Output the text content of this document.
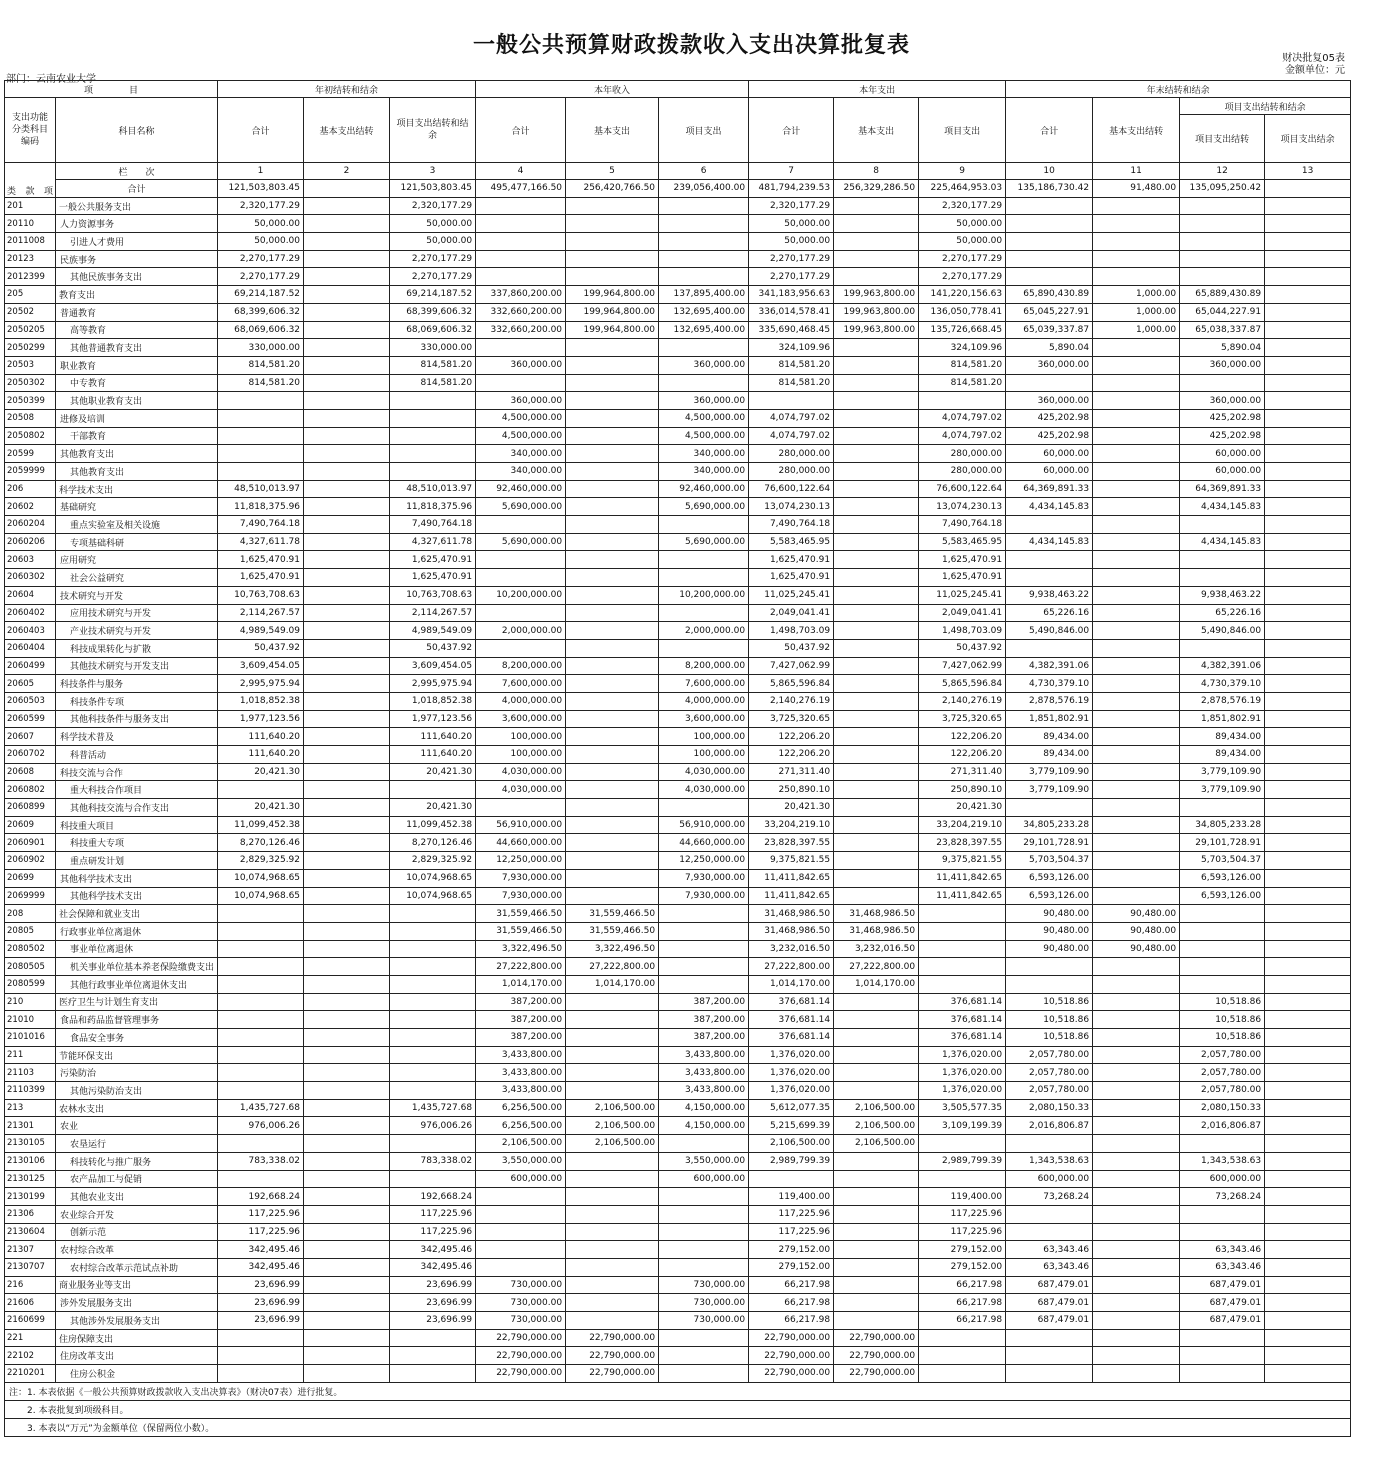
一般公共预算财政拨款收入支出决算批复表
财决批复05表
金额单位：元
部门：云南农业大学
项　　　　目		年初结转和结余			本年收入			本年支出			年末结转和结余			
支出功能分类科目编码	科目名称	合计	基本支出结转	项目支出结转和结余	合计	基本支出	项目支出	合计	基本支出	项目支出	合计	基本支出结转	项目支出结转和结余	
													项目支出结转	项目支出结余

类 款 项	栏　　次	1	2	3	4	5	6	7	8	9	10	11	12	13
	合计	121,503,803.45		121,503,803.45	495,477,166.50	256,420,766.50	239,056,400.00	481,794,239.53	256,329,286.50	225,464,953.03	135,186,730.42	91,480.00	135,095,250.42	
201	一般公共服务支出	2,320,177.29		2,320,177.29				2,320,177.29		2,320,177.29				
20110	人力资源事务	50,000.00		50,000.00				50,000.00		50,000.00				
2011008	引进人才费用	50,000.00		50,000.00				50,000.00		50,000.00				
20123	民族事务	2,270,177.29		2,270,177.29				2,270,177.29		2,270,177.29				
2012399	其他民族事务支出	2,270,177.29		2,270,177.29				2,270,177.29		2,270,177.29				
205	教育支出	69,214,187.52		69,214,187.52	337,860,200.00	199,964,800.00	137,895,400.00	341,183,956.63	199,963,800.00	141,220,156.63	65,890,430.89	1,000.00	65,889,430.89	
20502	普通教育	68,399,606.32		68,399,606.32	332,660,200.00	199,964,800.00	132,695,400.00	336,014,578.41	199,963,800.00	136,050,778.41	65,045,227.91	1,000.00	65,044,227.91	
2050205	高等教育	68,069,606.32		68,069,606.32	332,660,200.00	199,964,800.00	132,695,400.00	335,690,468.45	199,963,800.00	135,726,668.45	65,039,337.87	1,000.00	65,038,337.87	
2050299	其他普通教育支出	330,000.00		330,000.00				324,109.96		324,109.96	5,890.04		5,890.04	
20503	职业教育	814,581.20		814,581.20	360,000.00		360,000.00	814,581.20		814,581.20	360,000.00		360,000.00	
2050302	中专教育	814,581.20		814,581.20				814,581.20		814,581.20				
2050399	其他职业教育支出				360,000.00		360,000.00				360,000.00		360,000.00	
20508	进修及培训				4,500,000.00		4,500,000.00	4,074,797.02		4,074,797.02	425,202.98		425,202.98	
2050802	干部教育				4,500,000.00		4,500,000.00	4,074,797.02		4,074,797.02	425,202.98		425,202.98	
20599	其他教育支出				340,000.00		340,000.00	280,000.00		280,000.00	60,000.00		60,000.00	
2059999	其他教育支出				340,000.00		340,000.00	280,000.00		280,000.00	60,000.00		60,000.00	
206	科学技术支出	48,510,013.97		48,510,013.97	92,460,000.00		92,460,000.00	76,600,122.64		76,600,122.64	64,369,891.33		64,369,891.33	
20602	基础研究	11,818,375.96		11,818,375.96	5,690,000.00		5,690,000.00	13,074,230.13		13,074,230.13	4,434,145.83		4,434,145.83	
2060204	重点实验室及相关设施	7,490,764.18		7,490,764.18				7,490,764.18		7,490,764.18				
2060206	专项基础科研	4,327,611.78		4,327,611.78	5,690,000.00		5,690,000.00	5,583,465.95		5,583,465.95	4,434,145.83		4,434,145.83	
20603	应用研究	1,625,470.91		1,625,470.91				1,625,470.91		1,625,470.91				
2060302	社会公益研究	1,625,470.91		1,625,470.91				1,625,470.91		1,625,470.91				
20604	技术研究与开发	10,763,708.63		10,763,708.63	10,200,000.00		10,200,000.00	11,025,245.41		11,025,245.41	9,938,463.22		9,938,463.22	
2060402	应用技术研究与开发	2,114,267.57		2,114,267.57				2,049,041.41		2,049,041.41	65,226.16		65,226.16	
2060403	产业技术研究与开发	4,989,549.09		4,989,549.09	2,000,000.00		2,000,000.00	1,498,703.09		1,498,703.09	5,490,846.00		5,490,846.00	
2060404	科技成果转化与扩散	50,437.92		50,437.92				50,437.92		50,437.92				
2060499	其他技术研究与开发支出	3,609,454.05		3,609,454.05	8,200,000.00		8,200,000.00	7,427,062.99		7,427,062.99	4,382,391.06		4,382,391.06	
20605	科技条件与服务	2,995,975.94		2,995,975.94	7,600,000.00		7,600,000.00	5,865,596.84		5,865,596.84	4,730,379.10		4,730,379.10	
2060503	科技条件专项	1,018,852.38		1,018,852.38	4,000,000.00		4,000,000.00	2,140,276.19		2,140,276.19	2,878,576.19		2,878,576.19	
2060599	其他科技条件与服务支出	1,977,123.56		1,977,123.56	3,600,000.00		3,600,000.00	3,725,320.65		3,725,320.65	1,851,802.91		1,851,802.91	
20607	科学技术普及	111,640.20		111,640.20	100,000.00		100,000.00	122,206.20		122,206.20	89,434.00		89,434.00	
2060702	科普活动	111,640.20		111,640.20	100,000.00		100,000.00	122,206.20		122,206.20	89,434.00		89,434.00	
20608	科技交流与合作	20,421.30		20,421.30	4,030,000.00		4,030,000.00	271,311.40		271,311.40	3,779,109.90		3,779,109.90	
2060802	重大科技合作项目				4,030,000.00		4,030,000.00	250,890.10		250,890.10	3,779,109.90		3,779,109.90	
2060899	其他科技交流与合作支出	20,421.30		20,421.30				20,421.30		20,421.30				
20609	科技重大项目	11,099,452.38		11,099,452.38	56,910,000.00		56,910,000.00	33,204,219.10		33,204,219.10	34,805,233.28		34,805,233.28	
2060901	科技重大专项	8,270,126.46		8,270,126.46	44,660,000.00		44,660,000.00	23,828,397.55		23,828,397.55	29,101,728.91		29,101,728.91	
2060902	重点研发计划	2,829,325.92		2,829,325.92	12,250,000.00		12,250,000.00	9,375,821.55		9,375,821.55	5,703,504.37		5,703,504.37	
20699	其他科学技术支出	10,074,968.65		10,074,968.65	7,930,000.00		7,930,000.00	11,411,842.65		11,411,842.65	6,593,126.00		6,593,126.00	
2069999	其他科学技术支出	10,074,968.65		10,074,968.65	7,930,000.00		7,930,000.00	11,411,842.65		11,411,842.65	6,593,126.00		6,593,126.00	
208	社会保障和就业支出				31,559,466.50	31,559,466.50		31,468,986.50	31,468,986.50		90,480.00	90,480.00		
20805	行政事业单位离退休				31,559,466.50	31,559,466.50		31,468,986.50	31,468,986.50		90,480.00	90,480.00		
2080502	事业单位离退休				3,322,496.50	3,322,496.50		3,232,016.50	3,232,016.50		90,480.00	90,480.00		
2080505	机关事业单位基本养老保险缴费支出				27,222,800.00	27,222,800.00		27,222,800.00	27,222,800.00					
2080599	其他行政事业单位离退休支出				1,014,170.00	1,014,170.00		1,014,170.00	1,014,170.00					
210	医疗卫生与计划生育支出				387,200.00		387,200.00	376,681.14		376,681.14	10,518.86		10,518.86	
21010	食品和药品监督管理事务				387,200.00		387,200.00	376,681.14		376,681.14	10,518.86		10,518.86	
2101016	食品安全事务				387,200.00		387,200.00	376,681.14		376,681.14	10,518.86		10,518.86	
211	节能环保支出				3,433,800.00		3,433,800.00	1,376,020.00		1,376,020.00	2,057,780.00		2,057,780.00	
21103	污染防治				3,433,800.00		3,433,800.00	1,376,020.00		1,376,020.00	2,057,780.00		2,057,780.00	
2110399	其他污染防治支出				3,433,800.00		3,433,800.00	1,376,020.00		1,376,020.00	2,057,780.00		2,057,780.00	
213	农林水支出	1,435,727.68		1,435,727.68	6,256,500.00	2,106,500.00	4,150,000.00	5,612,077.35	2,106,500.00	3,505,577.35	2,080,150.33		2,080,150.33	
21301	农业	976,006.26		976,006.26	6,256,500.00	2,106,500.00	4,150,000.00	5,215,699.39	2,106,500.00	3,109,199.39	2,016,806.87		2,016,806.87	
2130105	农垦运行				2,106,500.00	2,106,500.00		2,106,500.00	2,106,500.00					
2130106	科技转化与推广服务	783,338.02		783,338.02	3,550,000.00		3,550,000.00	2,989,799.39		2,989,799.39	1,343,538.63		1,343,538.63	
2130125	农产品加工与促销				600,000.00		600,000.00				600,000.00		600,000.00	
2130199	其他农业支出	192,668.24		192,668.24				119,400.00		119,400.00	73,268.24		73,268.24	
21306	农业综合开发	117,225.96		117,225.96				117,225.96		117,225.96				
2130604	创新示范	117,225.96		117,225.96				117,225.96		117,225.96				
21307	农村综合改革	342,495.46		342,495.46				279,152.00		279,152.00	63,343.46		63,343.46	
2130707	农村综合改革示范试点补助	342,495.46		342,495.46				279,152.00		279,152.00	63,343.46		63,343.46	
216	商业服务业等支出	23,696.99		23,696.99	730,000.00		730,000.00	66,217.98		66,217.98	687,479.01		687,479.01	
21606	涉外发展服务支出	23,696.99		23,696.99	730,000.00		730,000.00	66,217.98		66,217.98	687,479.01		687,479.01	
2160699	其他涉外发展服务支出	23,696.99		23,696.99	730,000.00		730,000.00	66,217.98		66,217.98	687,479.01		687,479.01	
221	住房保障支出				22,790,000.00	22,790,000.00		22,790,000.00	22,790,000.00					
22102	住房改革支出				22,790,000.00	22,790,000.00		22,790,000.00	22,790,000.00					
2210201	住房公积金				22,790,000.00	22,790,000.00		22,790,000.00	22,790,000.00					
注：1. 本表依据《一般公共预算财政拨款收入支出决算表》（财决07表）进行批复。														
2. 本表批复到项级科目。														
3. 本表以“万元”为金额单位（保留两位小数）。														
